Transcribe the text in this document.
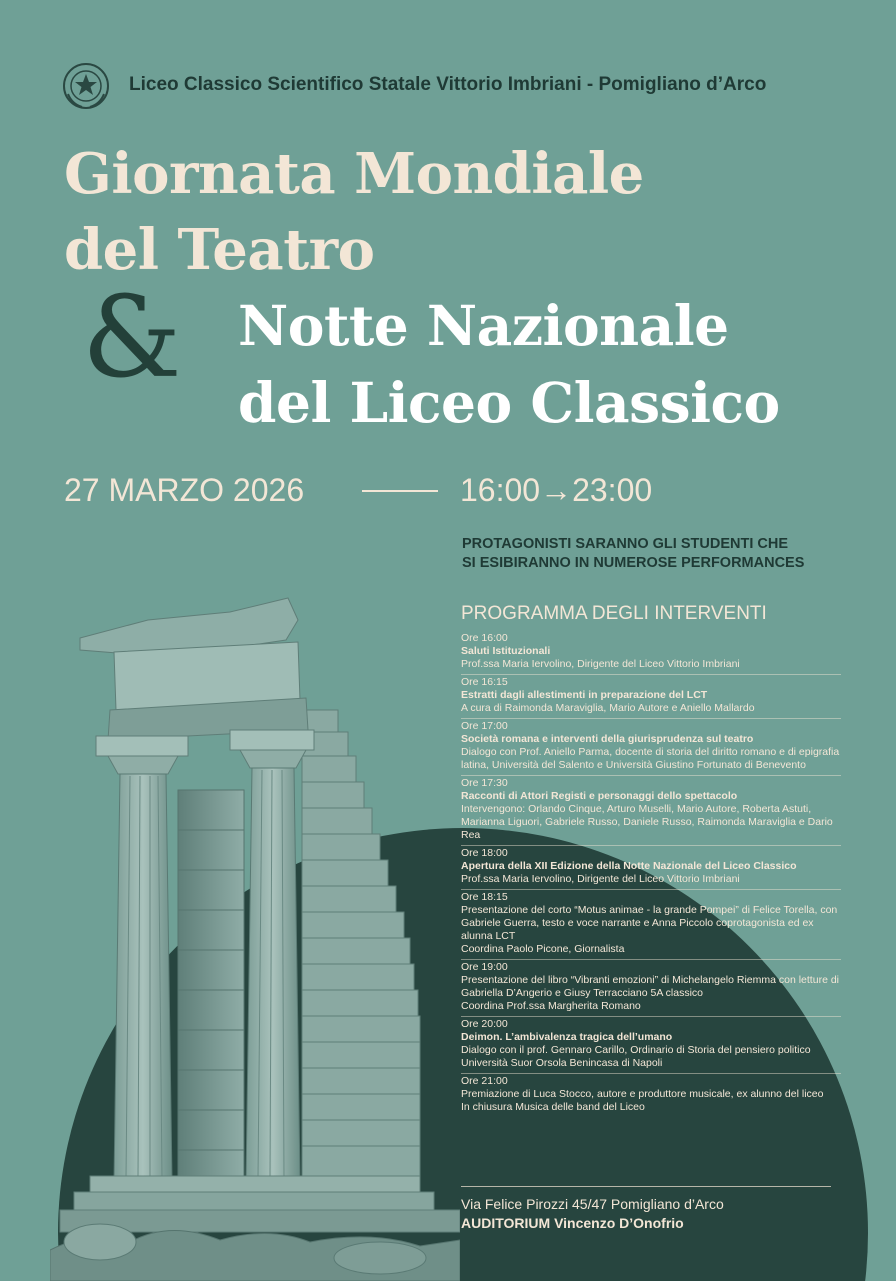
Liceo Classico Scientifico Statale Vittorio Imbriani - Pomigliano d’Arco
Giornata Mondiale
del Teatro
& Notte Nazionale
del Liceo Classico
27 MARZO 2026	16:00→23:00
PROTAGONISTI SARANNO GLI STUDENTI CHE
SI ESIBIRANNO IN NUMEROSE PERFORMANCES
PROGRAMMA DEGLI INTERVENTI
Ore 16:00
Saluti Istituzionali
Prof.ssa Maria Iervolino, Dirigente del Liceo Vittorio Imbriani
Ore 16:15
Estratti dagli allestimenti in preparazione del LCT
A cura di Raimonda Maraviglia, Mario Autore e Aniello Mallardo
Ore 17:00
Società romana e interventi della giurisprudenza sul teatro
Dialogo con Prof. Aniello Parma, docente di storia del diritto romano e di epigrafia latina, Università del Salento e Università Giustino Fortunato di Benevento
Ore 17:30
Racconti di Attori Registi e personaggi dello spettacolo
Intervengono: Orlando Cinque, Arturo Muselli, Mario Autore, Roberta Astuti, Marianna Liguori, Gabriele Russo, Daniele Russo, Raimonda Maraviglia e Dario Rea
Ore 18:00
Apertura della XII Edizione della Notte Nazionale del Liceo Classico
Prof.ssa Maria Iervolino, Dirigente del Liceo Vittorio Imbriani
Ore 18:15
Presentazione del corto “Motus animae - la grande Pompei” di Felice Torella, con Gabriele Guerra, testo e voce narrante e Anna Piccolo coprotagonista ed ex alunna LCT
Coordina Paolo Picone, Giornalista
Ore 19:00
Presentazione del libro “Vibranti emozioni” di Michelangelo Riemma con letture di Gabriella D’Angerio e Giusy Terracciano 5A classico
Coordina Prof.ssa Margherita Romano
Ore 20:00
Deimon. L’ambivalenza tragica dell’umano
Dialogo con il prof. Gennaro Carillo, Ordinario di Storia del pensiero politico Università Suor Orsola Benincasa di Napoli
Ore 21:00
Premiazione di Luca Stocco, autore e produttore musicale, ex alunno del liceo
In chiusura Musica delle band del Liceo
Via Felice Pirozzi 45/47 Pomigliano d’Arco
AUDITORIUM Vincenzo D’Onofrio
